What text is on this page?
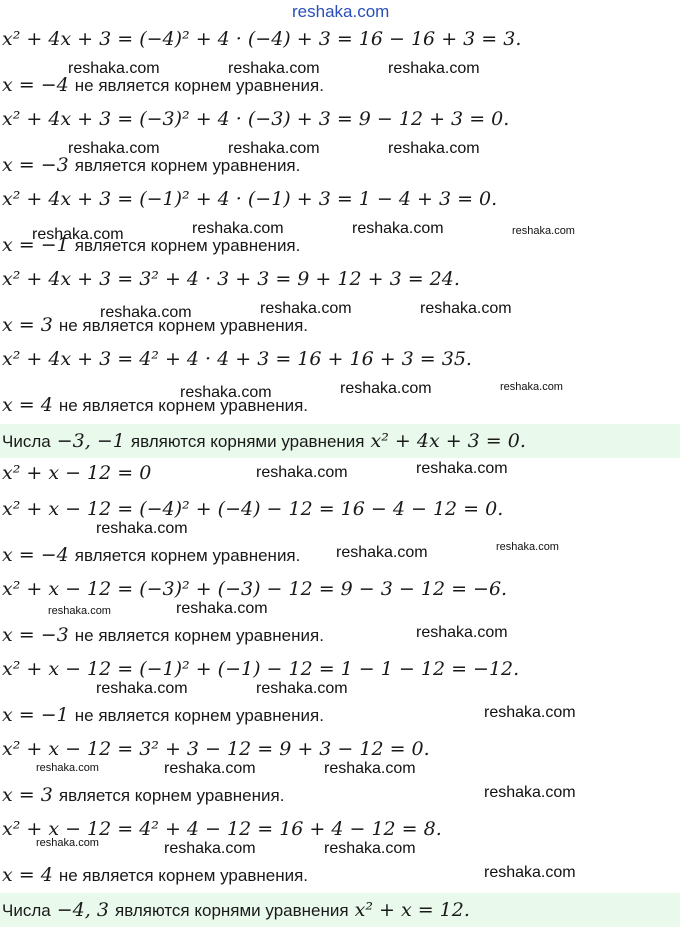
x² + 4x + 3 = (−4)² + 4 · (−4) + 3 = 16 − 16 + 3 = 3.
x = −4 не является корнем уравнения.
x² + 4x + 3 = (−3)² + 4 · (−3) + 3 = 9 − 12 + 3 = 0.
x = −3 является корнем уравнения.
x² + 4x + 3 = (−1)² + 4 · (−1) + 3 = 1 − 4 + 3 = 0.
x = −1 является корнем уравнения.
x² + 4x + 3 = 3² + 4 · 3 + 3 = 9 + 12 + 3 = 24.
x = 3 не является корнем уравнения.
x² + 4x + 3 = 4² + 4 · 4 + 3 = 16 + 16 + 3 = 35.
x = 4 не является корнем уравнения.
Числа −3, −1 являются корнями уравнения x² + 4x + 3 = 0.
x² + x − 12 = 0
x² + x − 12 = (−4)² + (−4) − 12 = 16 − 4 − 12 = 0.
x = −4 является корнем уравнения.
x² + x − 12 = (−3)² + (−3) − 12 = 9 − 3 − 12 = −6.
x = −3 не является корнем уравнения.
x² + x − 12 = (−1)² + (−1) − 12 = 1 − 1 − 12 = −12.
x = −1 не является корнем уравнения.
x² + x − 12 = 3² + 3 − 12 = 9 + 3 − 12 = 0.
x = 3 является корнем уравнения.
x² + x − 12 = 4² + 4 − 12 = 16 + 4 − 12 = 8.
x = 4 не является корнем уравнения.
Числа −4, 3 являются корнями уравнения x² + x = 12.
reshaka.com
reshaka.com	reshaka.com	reshaka.com
reshaka.com	reshaka.com	reshaka.com
reshaka.com	reshaka.com	reshaka.com	reshaka.com
reshaka.com	reshaka.com	reshaka.com
reshaka.com	reshaka.com	reshaka.com
reshaka.com	reshaka.com
reshaka.com
reshaka.com	reshaka.com
reshaka.com	reshaka.com
reshaka.com
reshaka.com	reshaka.com
reshaka.com
reshaka.com	reshaka.com	reshaka.com
reshaka.com
reshaka.com	reshaka.com	reshaka.com
reshaka.com
